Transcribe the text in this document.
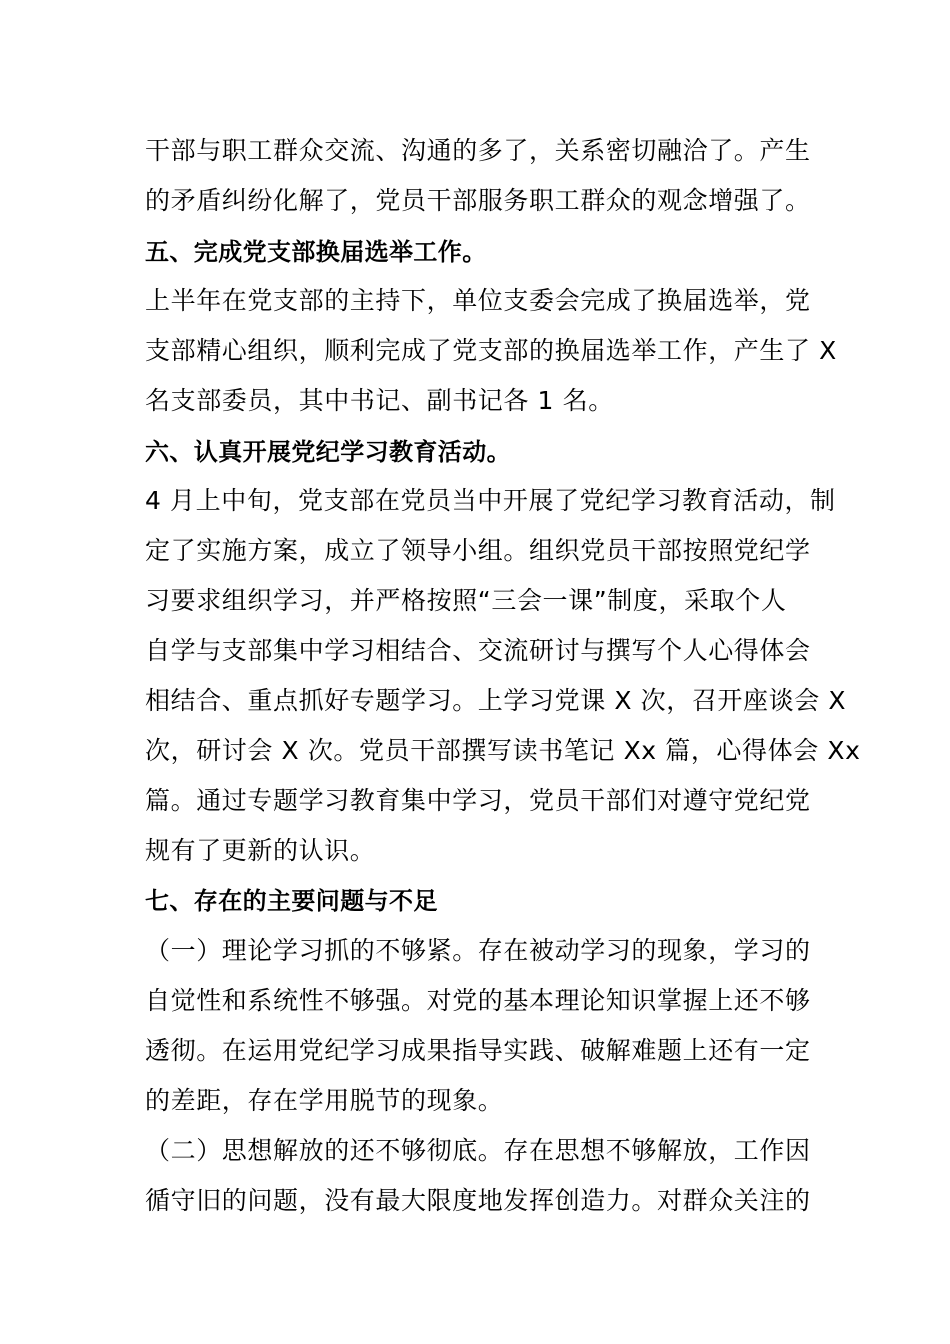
干部与职工群众交流、沟通的多了，关系密切融洽了。产生
的矛盾纠纷化解了，党员干部服务职工群众的观念增强了。
五、完成党支部换届选举工作。
上半年在党支部的主持下，单位支委会完成了换届选举，党
支部精心组织，顺利完成了党支部的换届选举工作，产生了 X
名支部委员，其中书记、副书记各 1 名。
六、认真开展党纪学习教育活动。
4 月上中旬，党支部在党员当中开展了党纪学习教育活动，制
定了实施方案，成立了领导小组。组织党员干部按照党纪学
习要求组织学习，并严格按照“三会一课”制度，采取个人
自学与支部集中学习相结合、交流研讨与撰写个人心得体会
相结合、重点抓好专题学习。上学习党课 X 次，召开座谈会 X
次，研讨会 X 次。党员干部撰写读书笔记 Xx 篇，心得体会 Xx
篇。通过专题学习教育集中学习，党员干部们对遵守党纪党
规有了更新的认识。
七、存在的主要问题与不足
（一）理论学习抓的不够紧。存在被动学习的现象，学习的
自觉性和系统性不够强。对党的基本理论知识掌握上还不够
透彻。在运用党纪学习成果指导实践、破解难题上还有一定
的差距，存在学用脱节的现象。
（二）思想解放的还不够彻底。存在思想不够解放，工作因
循守旧的问题，没有最大限度地发挥创造力。对群众关注的
